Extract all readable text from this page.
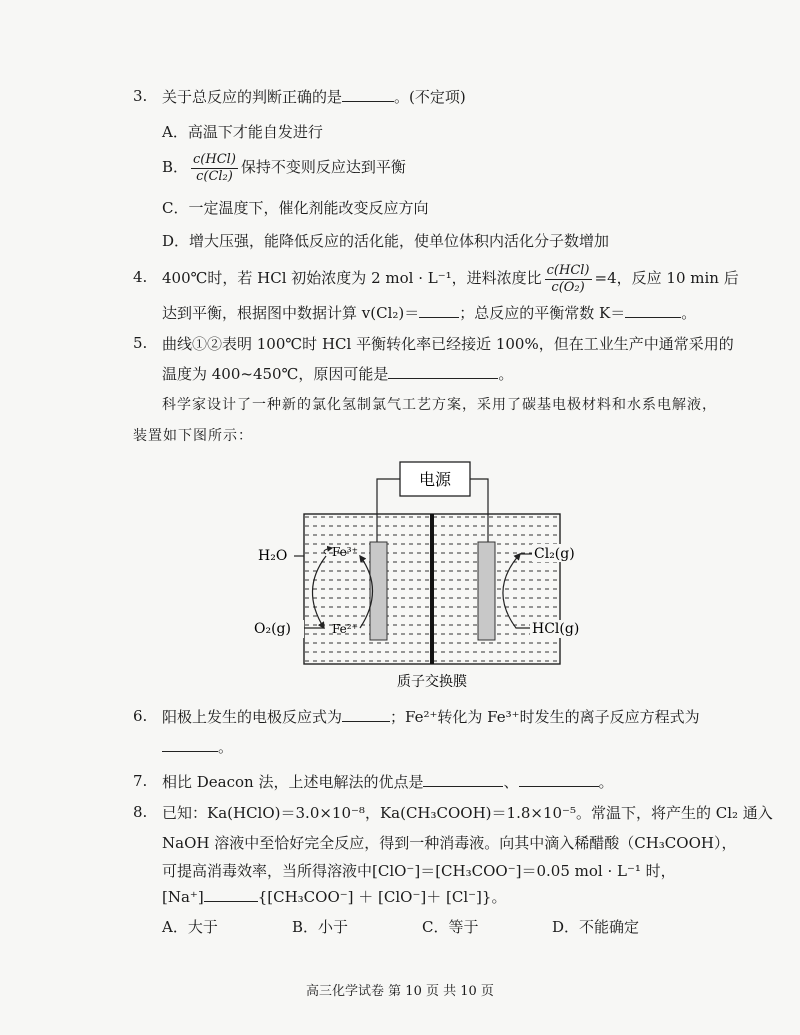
3. 关于总反应的判断正确的是	。(不定项)
A．高温下才能自发进行
B． $\frac{\text{c(HCl)}}{\text{c(Cl₂)}}$ 保持不变则反应达到平衡
C．一定温度下，催化剂能改变反应方向
D．增大压强，能降低反应的活化能，使单位体积内活化分子数增加
4. 400℃时，若 HCl 初始浓度为 2 mol · L⁻¹，进料浓度比 $\frac{\text{c(HCl)}}{\text{c(O₂)}} =4$，反应 10 min 后
达到平衡，根据图中数据计算 v(Cl₂)＝	；总反应的平衡常数 K＝	。
5. 曲线①②表明 100℃时 HCl 平衡转化率已经接近 100%，但在工业生产中通常采用的
温度为 400~450℃，原因可能是	。
科学家设计了一种新的氯化氢制氯气工艺方案，采用了碳基电极材料和水系电解液，
装置如下图所示：
电源
H₂O
O₂(g)
Fe³⁺
Fe²⁺
Cl₂(g)
HCl(g)
质子交换膜
6. 阳极上发生的电极反应式为	；Fe²⁺转化为 Fe³⁺时发生的离子反应方程式为
。
7. 相比 Deacon 法，上述电解法的优点是	、	。
8. 已知：Ka(HClO)＝3.0×10⁻⁸，Ka(CH₃COOH)＝1.8×10⁻⁵。常温下，将产生的 Cl₂ 通入
NaOH 溶液中至恰好完全反应，得到一种消毒液。向其中滴入稀醋酸（CH₃COOH），
可提高消毒效率，当所得溶液中[ClO⁻]＝[CH₃COO⁻]＝0.05 mol · L⁻¹ 时，
[Na⁺]	{[CH₃COO⁻] ＋ [ClO⁻]＋ [Cl⁻]}。
A．大于	B．小于	C．等于	D．不能确定
高三化学试卷 第 10 页 共 10 页
